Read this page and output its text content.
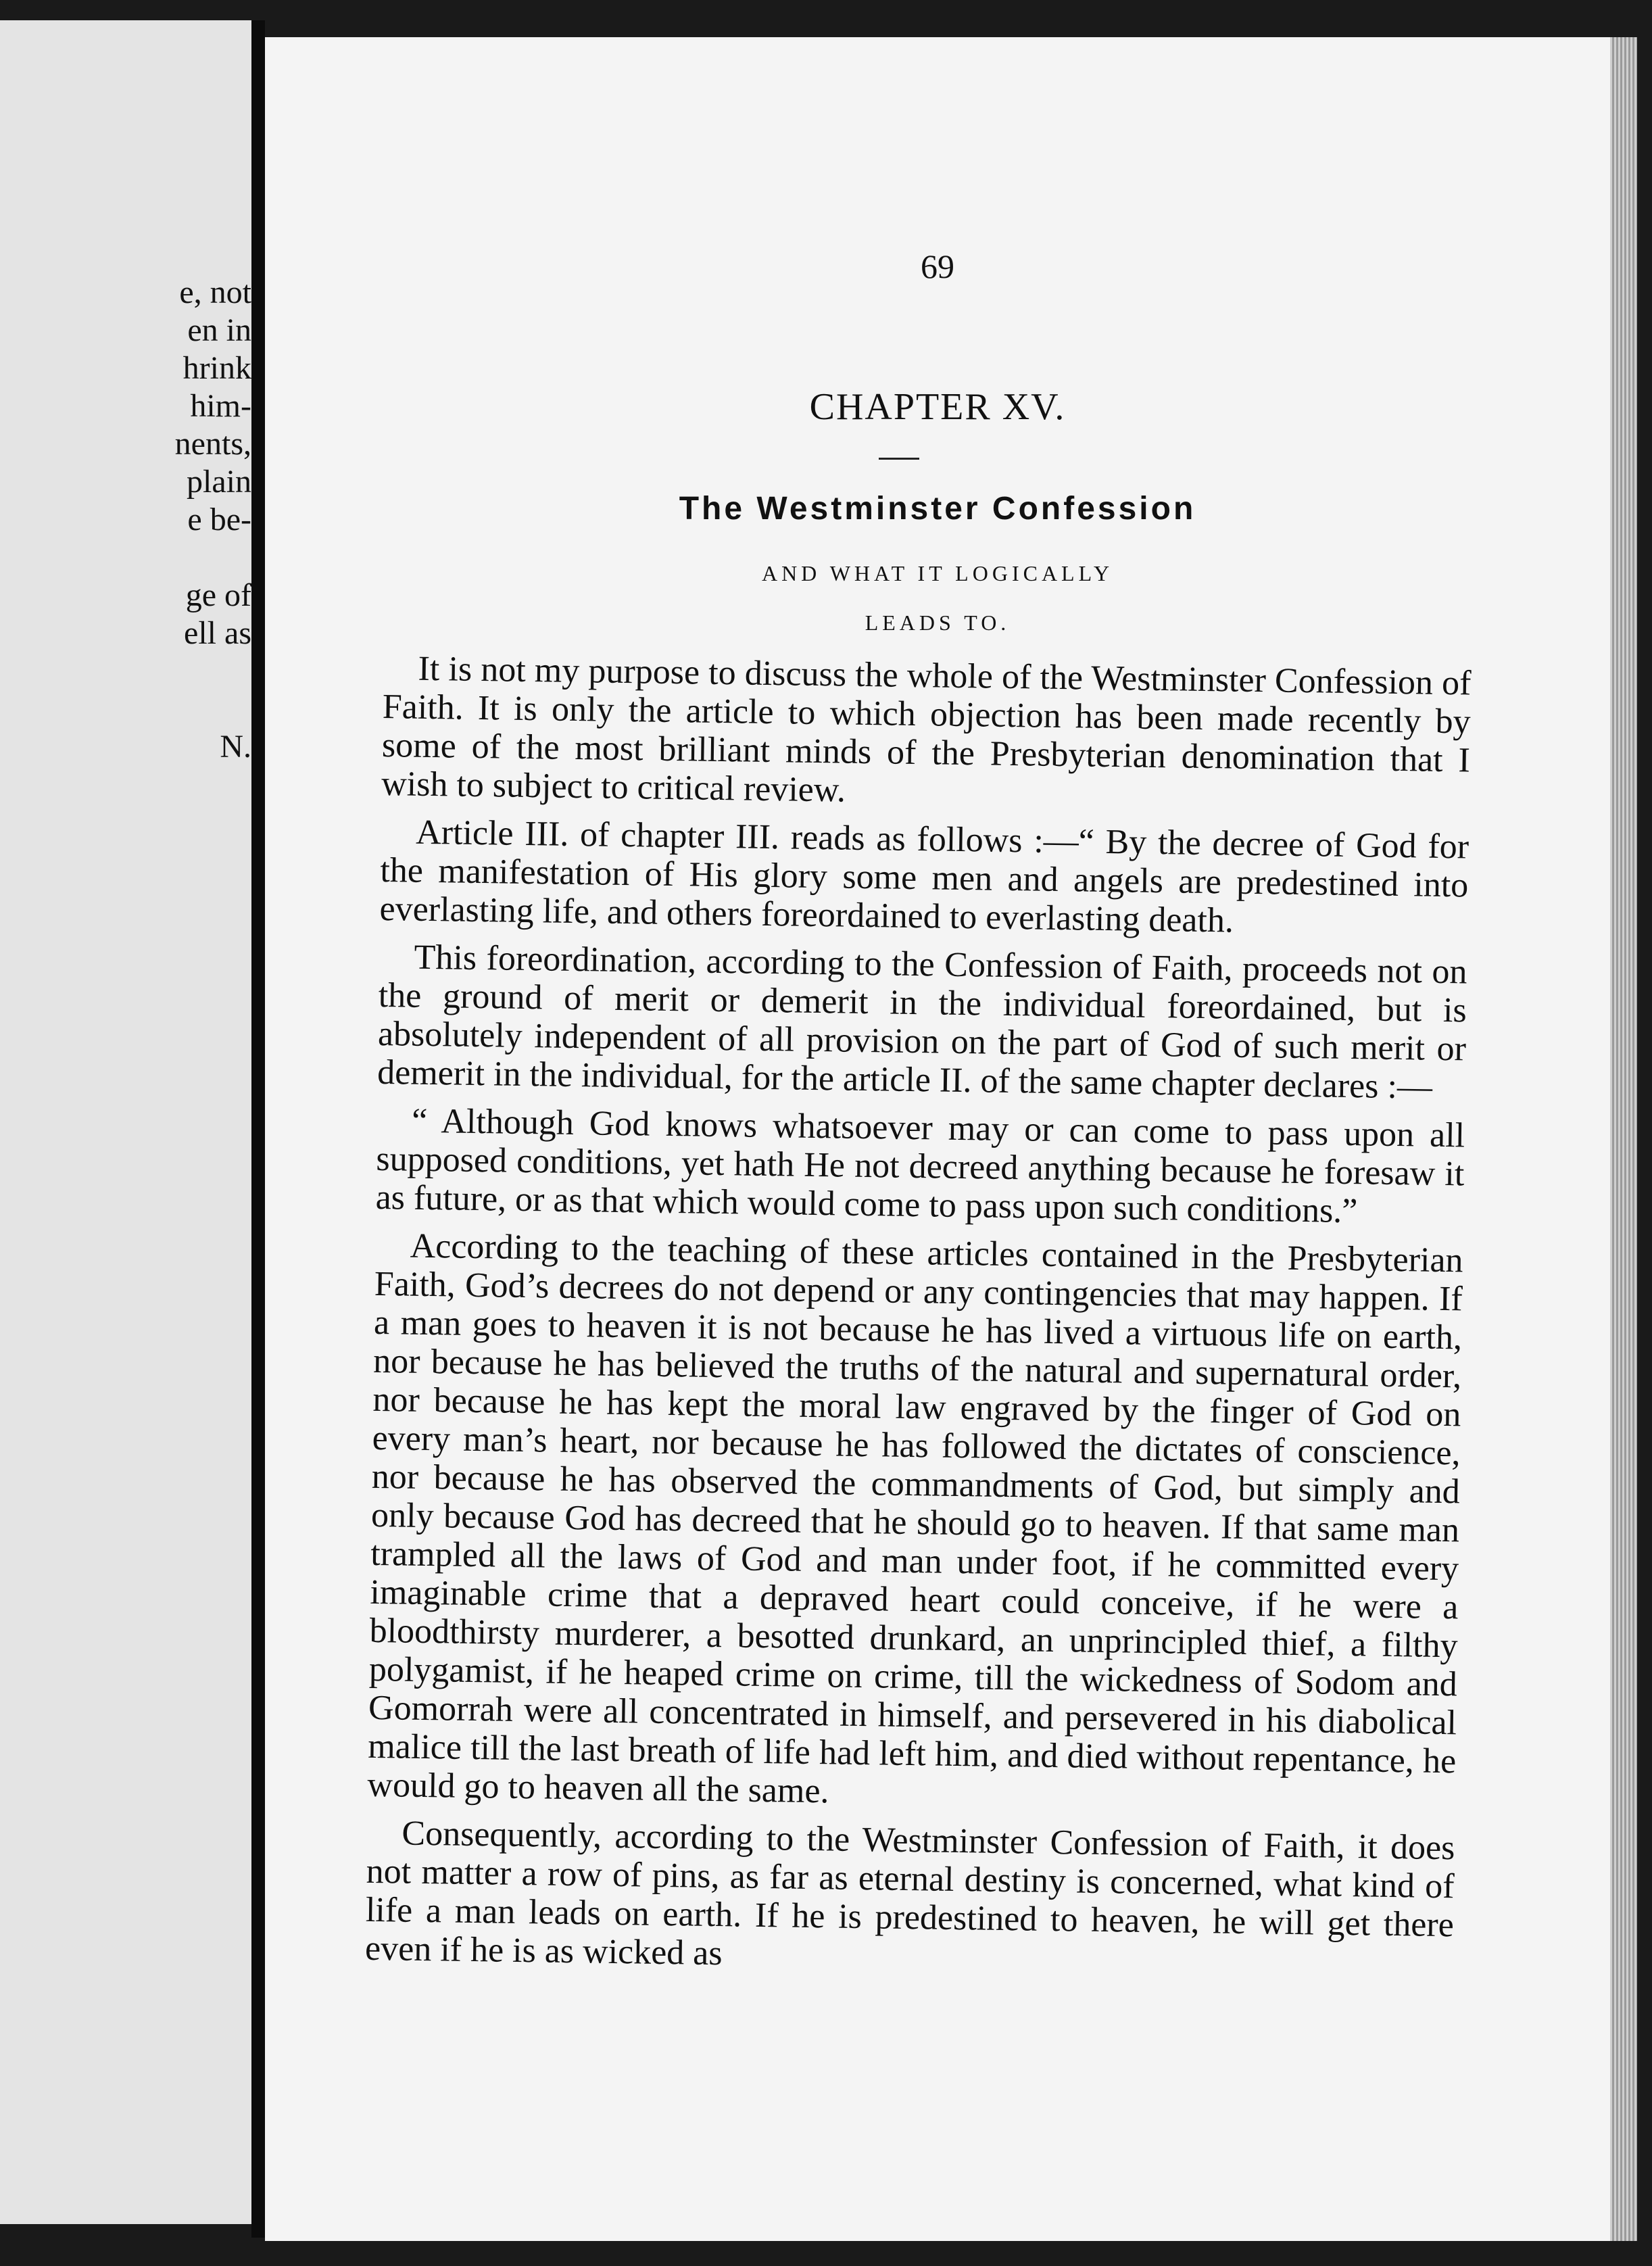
e, not
en in
hrink
him-
nents,
plain
e be-
ge of
ell as
N.
69
CHAPTER XV.
The Westminster Confession
AND WHAT IT LOGICALLY
LEADS TO.

It is not my purpose to discuss the whole of the Westminster Confession of Faith. It is only the article to which objection has been made recently by some of the most brilliant minds of the Presbyterian denomination that I wish to subject to critical review.

Article III. of chapter III. reads as follows :—“ By the decree of God for the manifestation of His glory some men and angels are predestined into everlasting life, and others foreordained to everlasting death.

This foreordination, according to the Confession of Faith, proceeds not on the ground of merit or demerit in the individual foreordained, but is absolutely independent of all provision on the part of God of such merit or demerit in the individual, for the article II. of the same chapter declares :—

“ Although God knows whatsoever may or can come to pass upon all supposed conditions, yet hath He not decreed anything because he foresaw it as future, or as that which would come to pass upon such conditions.”

According to the teaching of these articles contained in the Presbyterian Faith, God’s decrees do not depend or any contingencies that may happen. If a man goes to heaven it is not because he has lived a virtuous life on earth, nor because he has believed the truths of the natural and supernatural order, nor because he has kept the moral law engraved by the finger of God on every man’s heart, nor because he has followed the dictates of conscience, nor because he has observed the commandments of God, but simply and only because God has decreed that he should go to heaven. If that same man trampled all the laws of God and man under foot, if he committed every imaginable crime that a depraved heart could conceive, if he were a bloodthirsty murderer, a besotted drunkard, an unprincipled thief, a filthy polygamist, if he heaped crime on crime, till the wickedness of Sodom and Gomorrah were all concentrated in himself, and persevered in his diabolical malice till the last breath of life had left him, and died without repentance, he would go to heaven all the same.

Consequently, according to the Westminster Confession of Faith, it does not matter a row of pins, as far as eternal destiny is concerned, what kind of life a man leads on earth. If he is predestined to heaven, he will get there even if he is as wicked as
